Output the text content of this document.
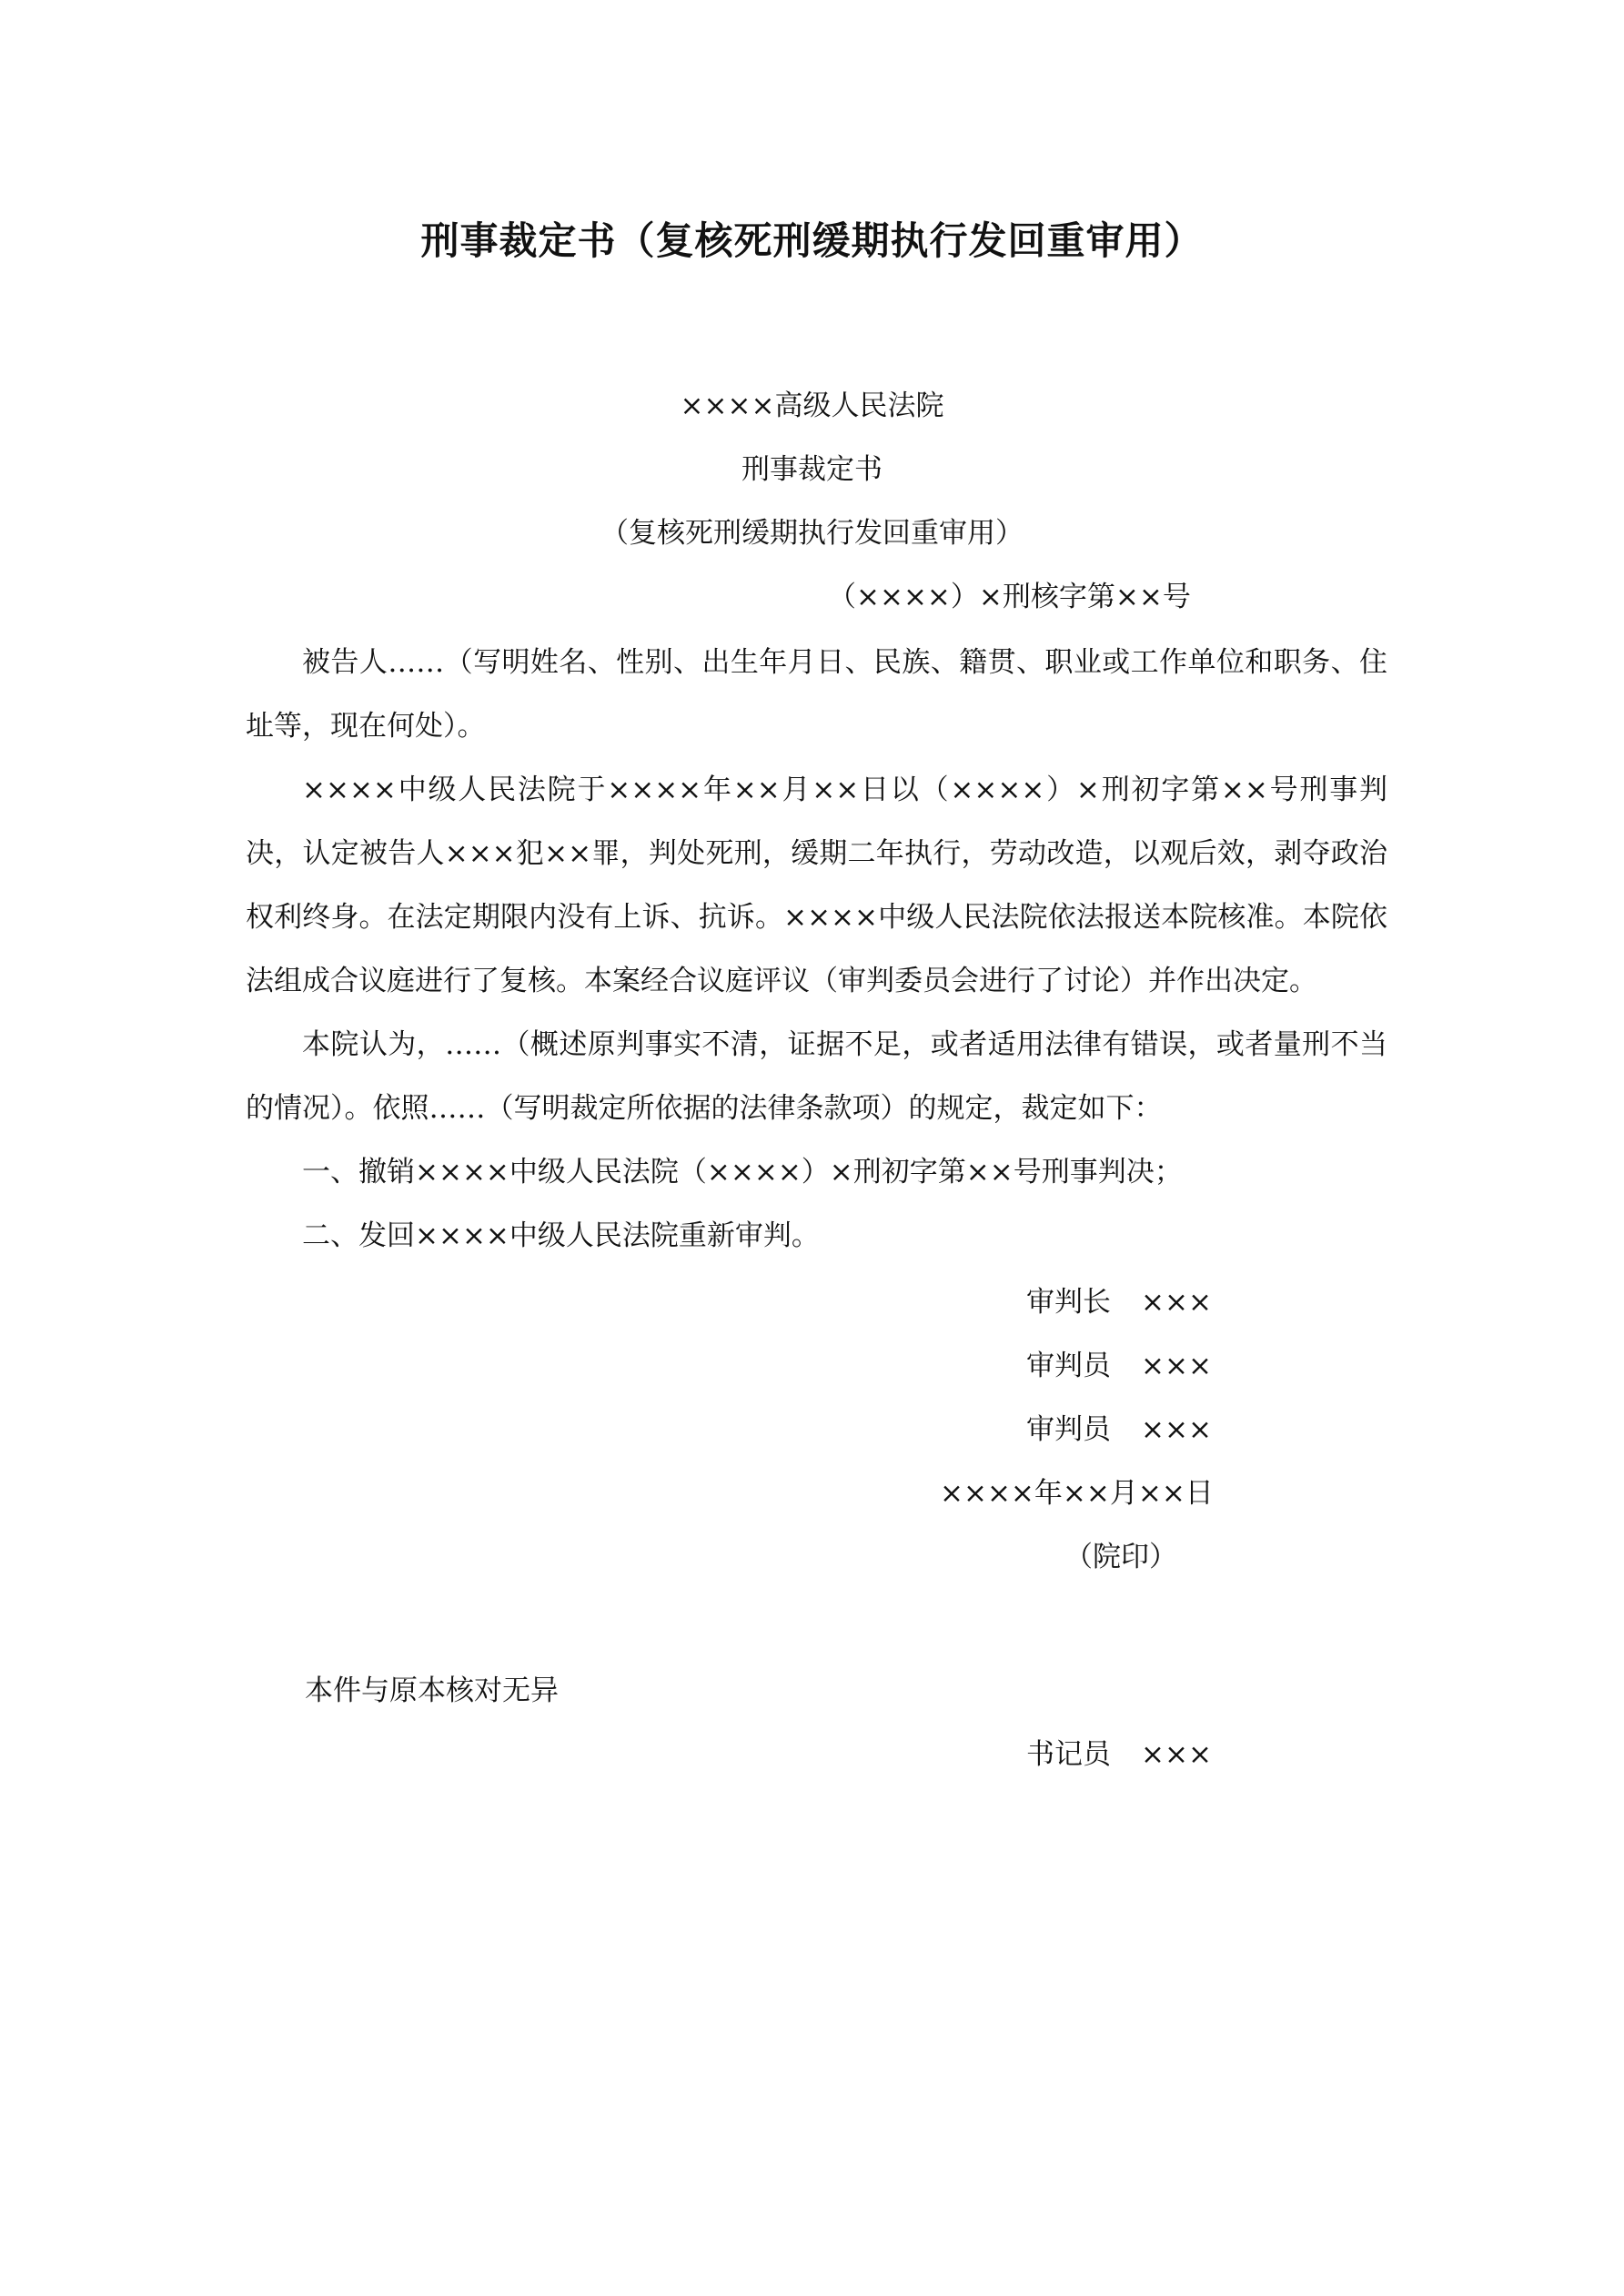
刑事裁定书（复核死刑缓期执行发回重审用）
××××高级人民法院
刑事裁定书
（复核死刑缓期执行发回重审用）
（××××）×刑核字第××号

被告人……（写明姓名、性别、出生年月日、民族、籍贯、职业或工作单位和职务、住址等，现在何处）。

××××中级人民法院于××××年××月××日以（××××）×刑初字第××号刑事判决，认定被告人×××犯××罪，判处死刑，缓期二年执行，劳动改造，以观后效，剥夺政治权利终身。在法定期限内没有上诉、抗诉。××××中级人民法院依法报送本院核准。本院依法组成合议庭进行了复核。本案经合议庭评议（审判委员会进行了讨论）并作出决定。

本院认为，……（概述原判事实不清，证据不足，或者适用法律有错误，或者量刑不当的情况）。依照……（写明裁定所依据的法律条款项）的规定，裁定如下：

一、撤销××××中级人民法院（××××）×刑初字第××号刑事判决；

二、发回××××中级人民法院重新审判。

审判长 ×××
审判员 ×××
审判员 ×××
××××年××月××日
（院印）
本件与原本核对无异
书记员 ×××
